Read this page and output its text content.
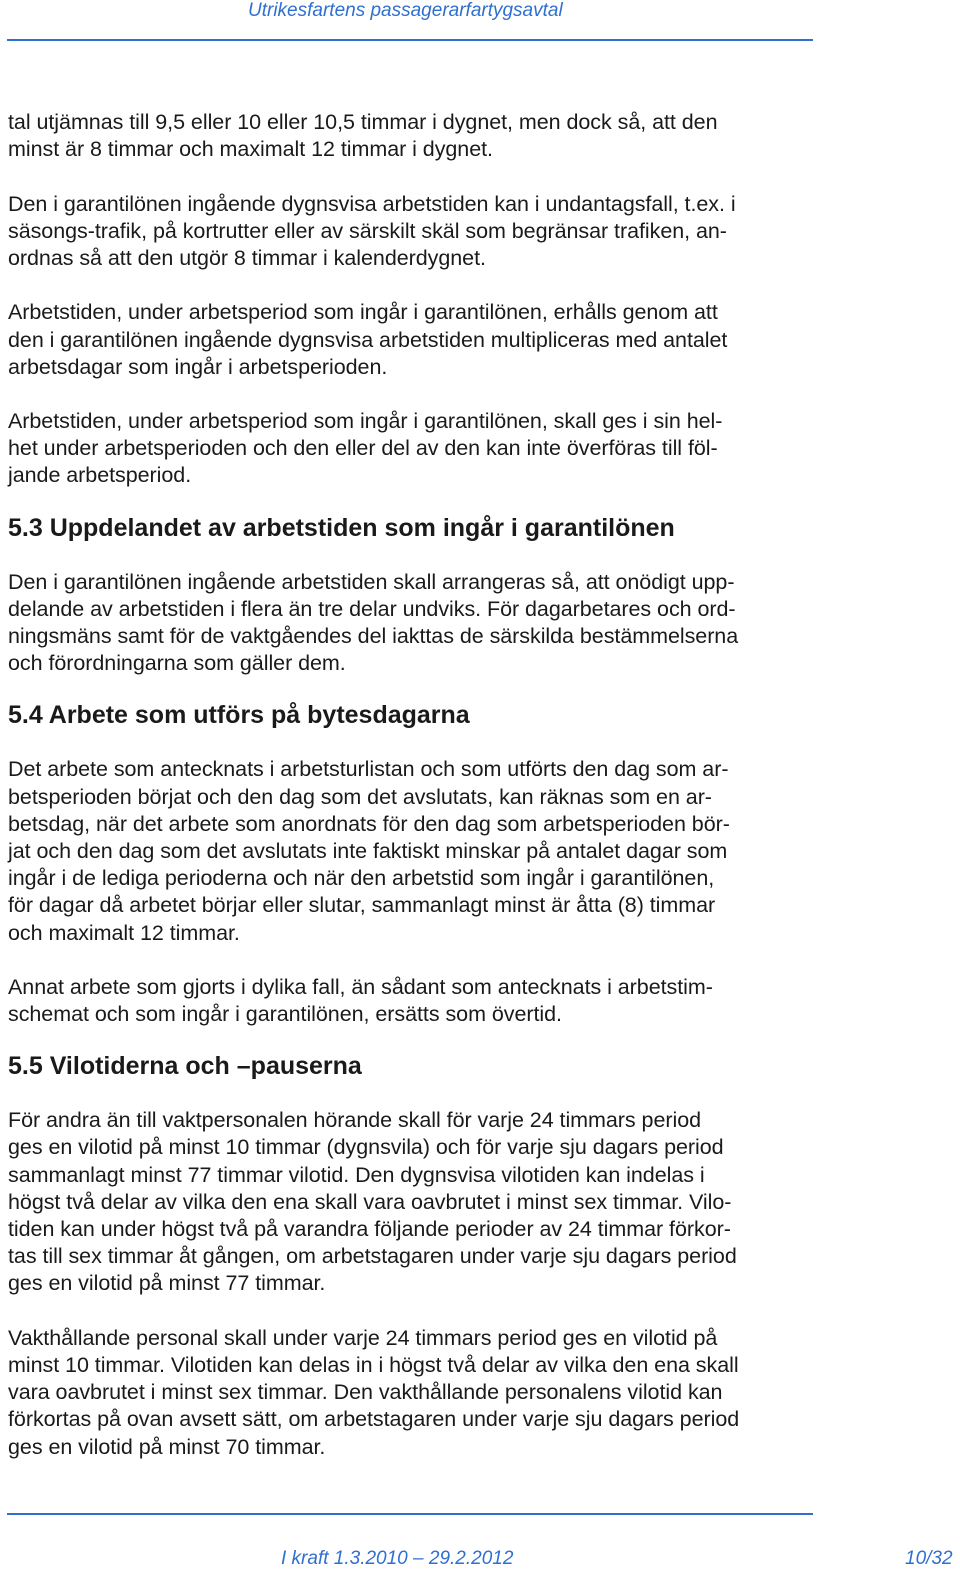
Utrikesfartens passagerarfartygsavtal
tal utjämnas till 9,5 eller 10 eller 10,5 timmar i dygnet, men dock så, att den
minst är 8 timmar och maximalt 12 timmar i dygnet.
Den i garantilönen ingående dygnsvisa arbetstiden kan i undantagsfall, t.ex. i
säsongs-trafik, på kortrutter eller av särskilt skäl som begränsar trafiken, an-
ordnas så att den utgör 8 timmar i kalenderdygnet.
Arbetstiden, under arbetsperiod som ingår i garantilönen, erhålls genom att
den i garantilönen ingående dygnsvisa arbetstiden multipliceras med antalet
arbetsdagar som ingår i arbetsperioden.
Arbetstiden, under arbetsperiod som ingår i garantilönen, skall ges i sin hel-
het under arbetsperioden och den eller del av den kan inte överföras till föl-
jande arbetsperiod.
5.3 Uppdelandet av arbetstiden som ingår i garantilönen
Den i garantilönen ingående arbetstiden skall arrangeras så, att onödigt upp-
delande av arbetstiden i flera än tre delar undviks. För dagarbetares och ord-
ningsmäns samt för de vaktgåendes del iakttas de särskilda bestämmelserna
och förordningarna som gäller dem.
5.4 Arbete som utförs på bytesdagarna
Det arbete som antecknats i arbetsturlistan och som utförts den dag som ar-
betsperioden börjat och den dag som det avslutats, kan räknas som en ar-
betsdag, när det arbete som anordnats för den dag som arbetsperioden bör-
jat och den dag som det avslutats inte faktiskt minskar på antalet dagar som
ingår i de lediga perioderna och när den arbetstid som ingår i garantilönen,
för dagar då arbetet börjar eller slutar, sammanlagt minst är åtta (8) timmar
och maximalt 12 timmar.
Annat arbete som gjorts i dylika fall, än sådant som antecknats i arbetstim-
schemat och som ingår i garantilönen, ersätts som övertid.
5.5 Vilotiderna och –pauserna
För andra än till vaktpersonalen hörande skall för varje 24 timmars period
ges en vilotid på minst 10 timmar (dygnsvila) och för varje sju dagars period
sammanlagt minst 77 timmar vilotid. Den dygnsvisa vilotiden kan indelas i
högst två delar av vilka den ena skall vara oavbrutet i minst sex timmar. Vilo-
tiden kan under högst två på varandra följande perioder av 24 timmar förkor-
tas till sex timmar åt gången, om arbetstagaren under varje sju dagars period
ges en vilotid på minst 77 timmar.
Vakthållande personal skall under varje 24 timmars period ges en vilotid på
minst 10 timmar. Vilotiden kan delas in i högst två delar av vilka den ena skall
vara oavbrutet i minst sex timmar. Den vakthållande personalens vilotid kan
förkortas på ovan avsett sätt, om arbetstagaren under varje sju dagars period
ges en vilotid på minst 70 timmar.
I kraft 1.3.2010 – 29.2.2012	10/32
